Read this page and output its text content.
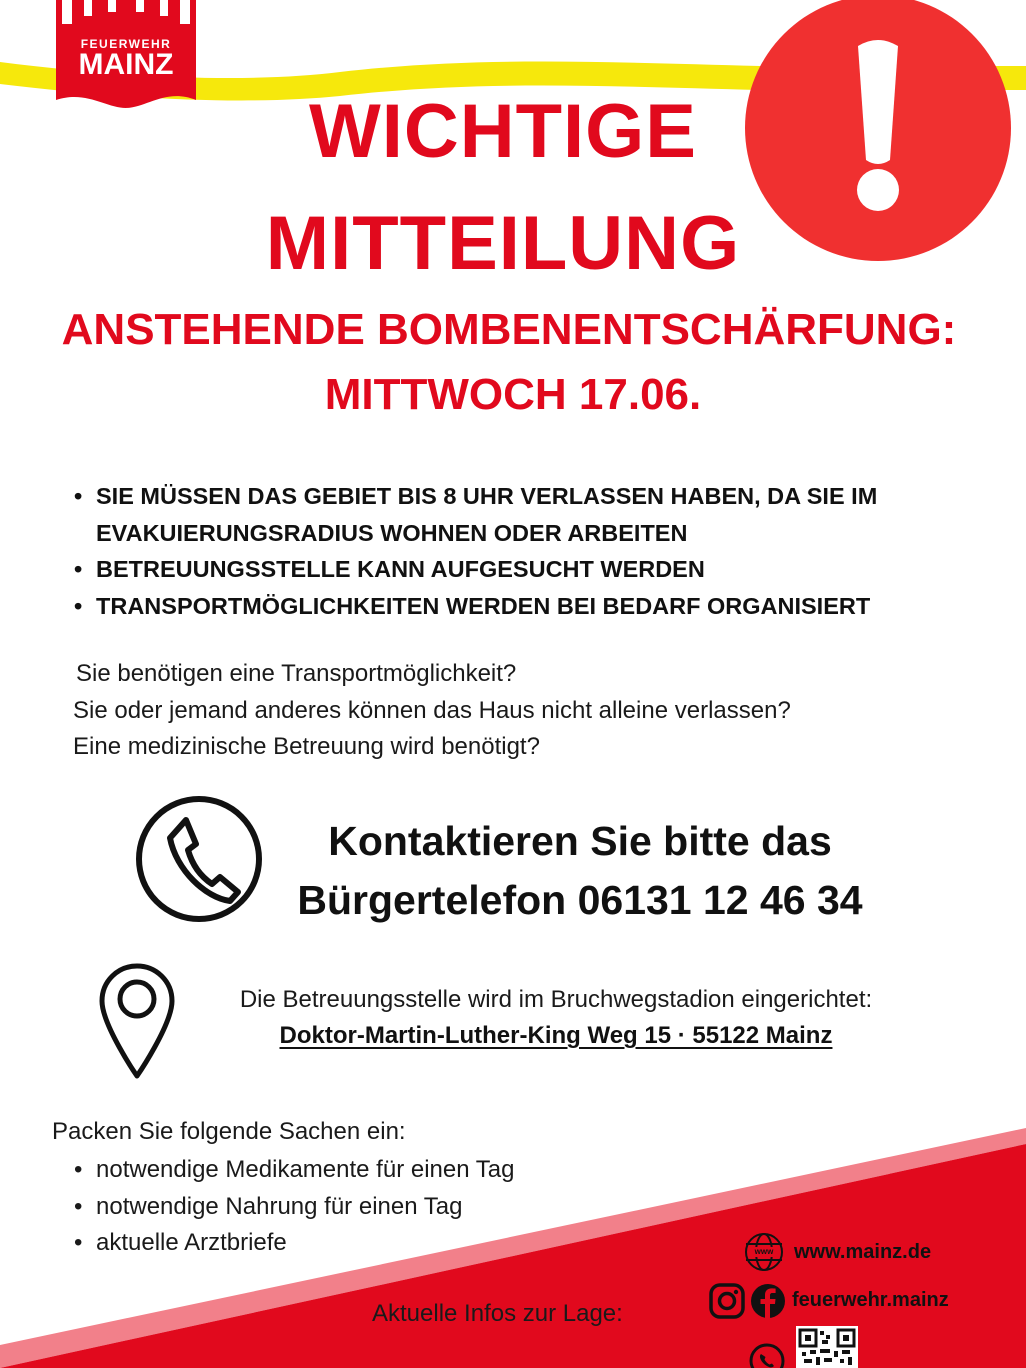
FEUERWEHR
MAINZ
WICHTIGE
MITTEILUNG
ANSTEHENDE BOMBENENTSCHÄRFUNG:
MITTWOCH 17.06.
• SIE MÜSSEN DAS GEBIET BIS 8 UHR VERLASSEN HABEN, DA SIE IM EVAKUIERUNGSRADIUS WOHNEN ODER ARBEITEN
• BETREUUNGSSTELLE KANN AUFGESUCHT WERDEN
• TRANSPORTMÖGLICHKEITEN WERDEN BEI BEDARF ORGANISIERT
Sie benötigen eine Transportmöglichkeit?
Sie oder jemand anderes können das Haus nicht alleine verlassen?
Eine medizinische Betreuung wird benötigt?
Kontaktieren Sie bitte das
Bürgertelefon 06131 12 46 34
Die Betreuungsstelle wird im Bruchwegstadion eingerichtet:
Doktor-Martin-Luther-King Weg 15 · 55122 Mainz
Packen Sie folgende Sachen ein:
• notwendige Medikamente für einen Tag
• notwendige Nahrung für einen Tag
• aktuelle Arztbriefe
Aktuelle Infos zur Lage:
www	www.mainz.de
feuerwehr.mainz
